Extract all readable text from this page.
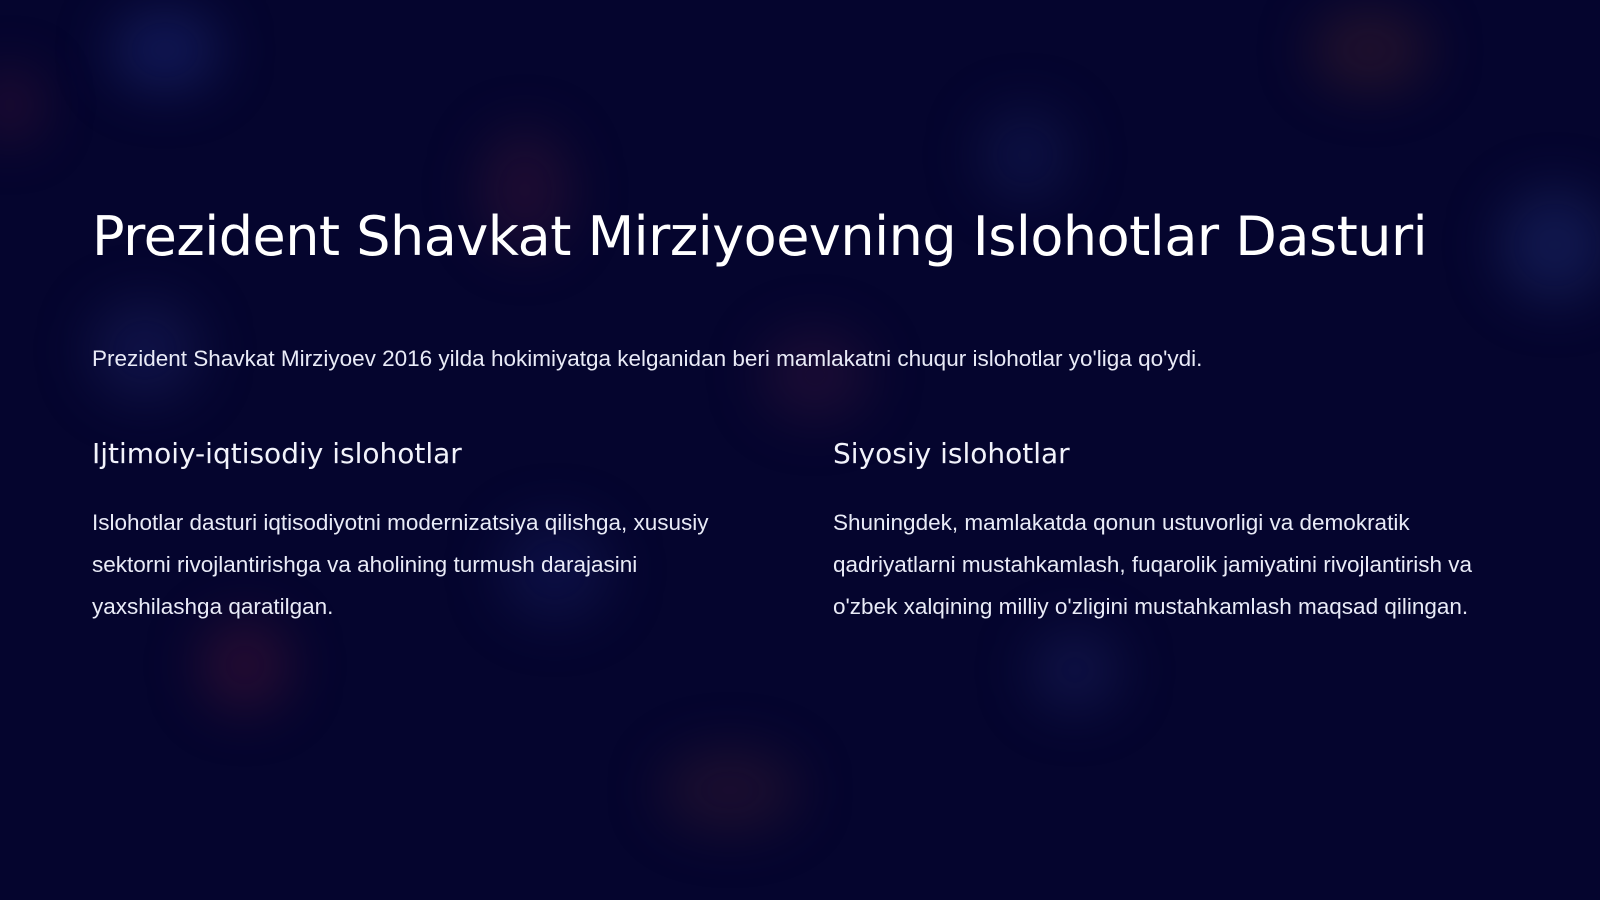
Prezident Shavkat Mirziyoevning Islohotlar Dasturi

Prezident Shavkat Mirziyoev 2016 yilda hokimiyatga kelganidan beri mamlakatni chuqur islohotlar yo'liga qo'ydi.

Ijtimoiy-iqtisodiy islohotlar

Islohotlar dasturi iqtisodiyotni modernizatsiya qilishga, xususiy sektorni rivojlantirishga va aholining turmush darajasini yaxshilashga qaratilgan.

Siyosiy islohotlar

Shuningdek, mamlakatda qonun ustuvorligi va demokratik qadriyatlarni mustahkamlash, fuqarolik jamiyatini rivojlantirish va o'zbek xalqining milliy o'zligini mustahkamlash maqsad qilingan.
